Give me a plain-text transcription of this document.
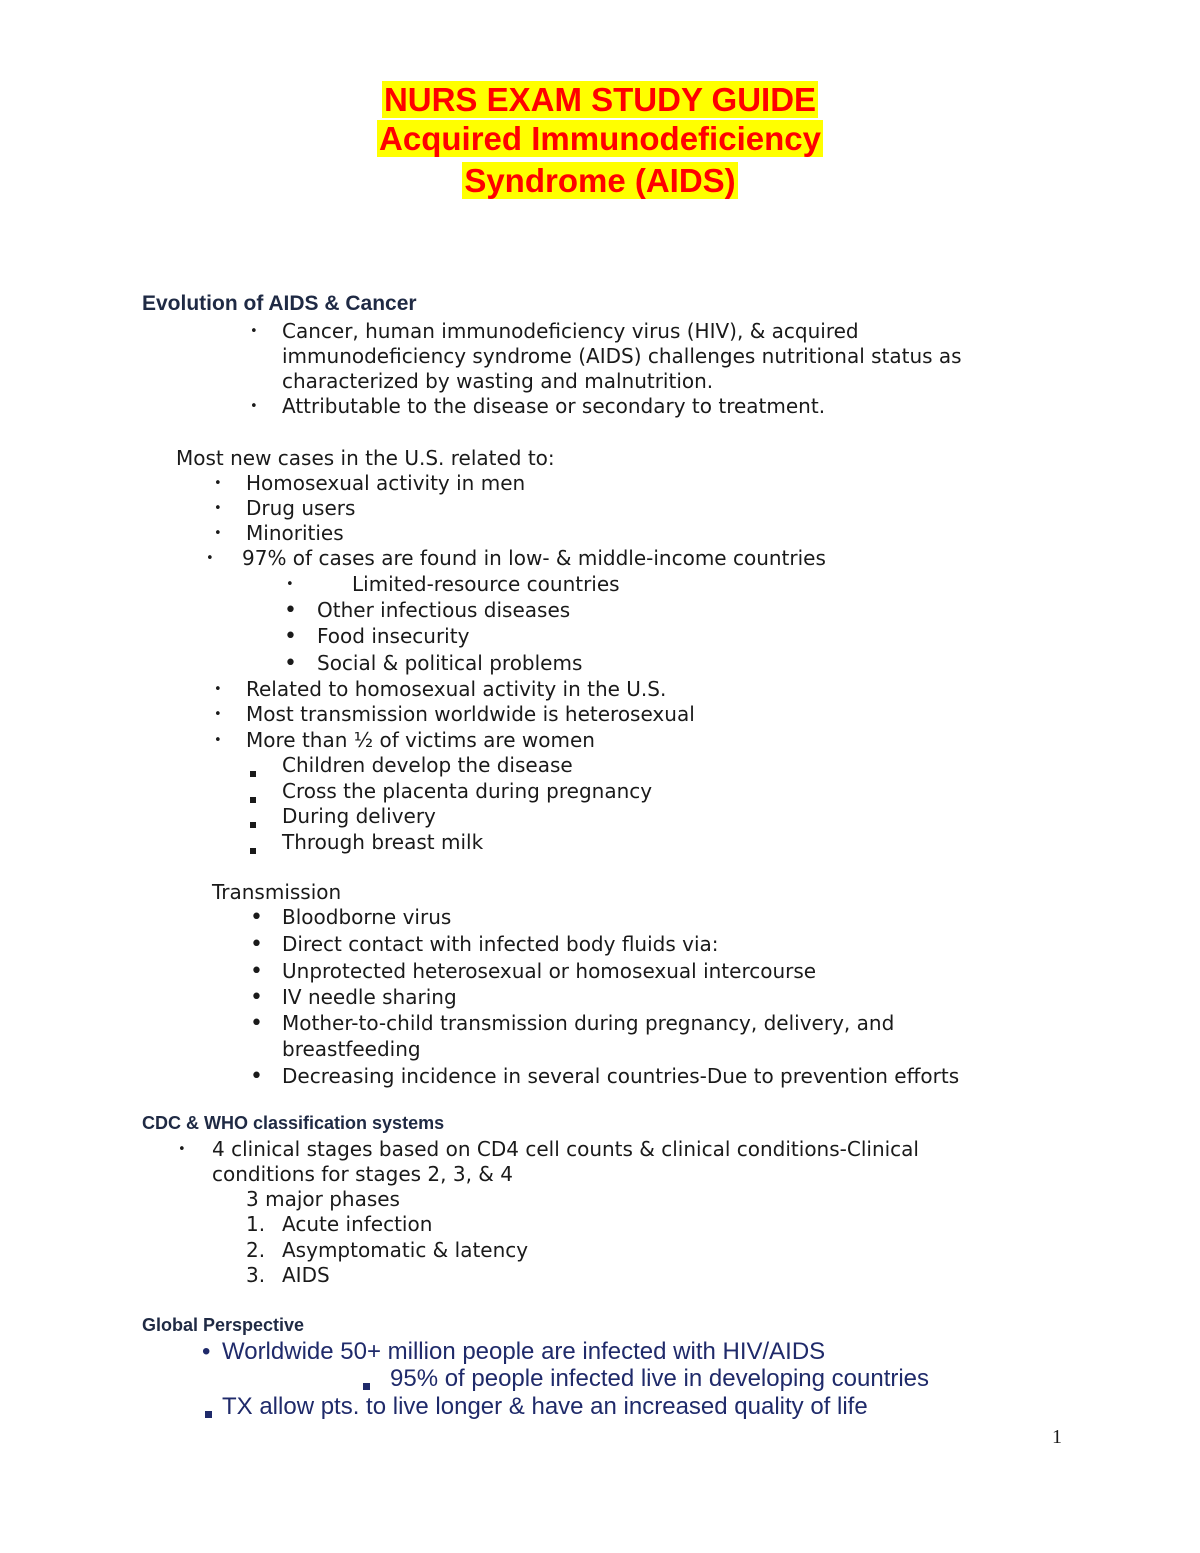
NURS EXAM STUDY GUIDE
Acquired Immunodeficiency
Syndrome (AIDS)
Evolution of AIDS & Cancer
• Cancer, human immunodeficiency virus (HIV), & acquired
immunodeficiency syndrome (AIDS) challenges nutritional status as
characterized by wasting and malnutrition.
• Attributable to the disease or secondary to treatment.
Most new cases in the U.S. related to:
• Homosexual activity in men
• Drug users
• Minorities
• 97% of cases are found in low- & middle-income countries
•	Limited-resource countries
• Other infectious diseases
• Food insecurity
• Social & political problems
• Related to homosexual activity in the U.S.
• Most transmission worldwide is heterosexual
• More than ½ of victims are women
Children develop the disease
Cross the placenta during pregnancy
During delivery
Through breast milk
Transmission
• Bloodborne virus
• Direct contact with infected body fluids via:
• Unprotected heterosexual or homosexual intercourse
• IV needle sharing
• Mother-to-child transmission during pregnancy, delivery, and
breastfeeding
• Decreasing incidence in several countries-Due to prevention efforts
CDC & WHO classification systems
• 4 clinical stages based on CD4 cell counts & clinical conditions-Clinical
conditions for stages 2, 3, & 4
3 major phases
1. Acute infection
2. Asymptomatic & latency
3. AIDS
Global Perspective
• Worldwide 50+ million people are infected with HIV/AIDS
95% of people infected live in developing countries
TX allow pts. to live longer & have an increased quality of life
1
